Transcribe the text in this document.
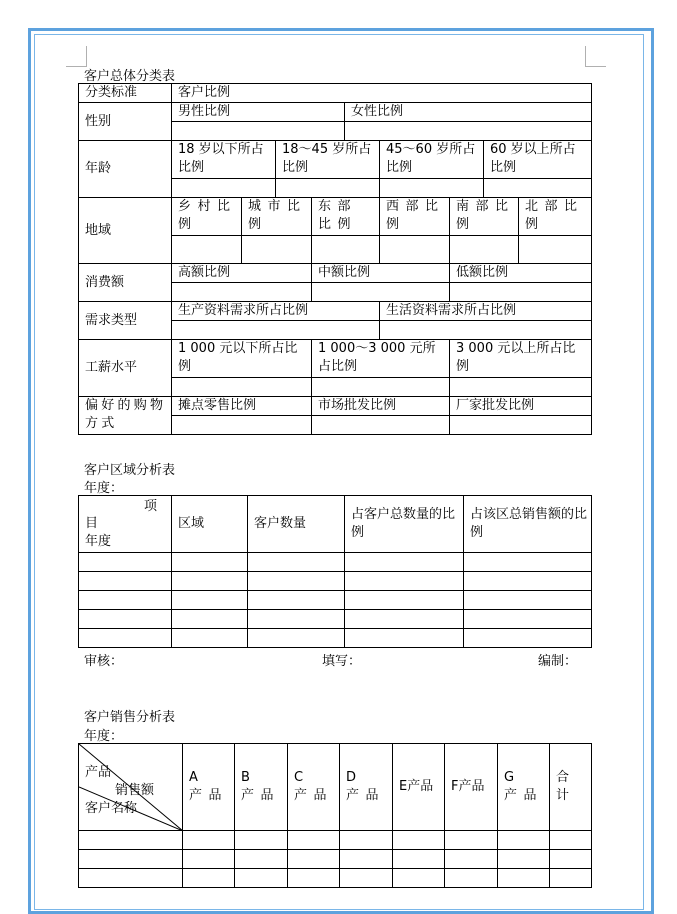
客户总体分类表
分类标准	客户比例								
性别	男性比例				女性比例				

年龄	18 岁以下所占比例		18～45 岁所占比例			45～60 岁所占比例		60 岁以上所占比例	

地域	乡村比例	城市比例		东部比例		西部比例	南部比例		北部比例

消费额	高额比例			中额比例			低额比例		

需求类型	生产资料需求所占比例					生活资料需求所占比例			

工薪水平	1 000 元以下所占比例			1 000～3 000 元所占比例			3 000 元以上所占比例		

偏好的购物方式	摊点零售比例			市场批发比例			厂家批发比例		

客户区域分析表
年度：
项
目
年度	区域	客户数量	占客户总数量的比例	占该区总销售额的比例

审核：	填写：	编制：
客户销售分析表
年度：
产品
销售额
客户名称	A 产品	B 产品	C 产品	D 产品	E产品	F产品	G 产品	合计
